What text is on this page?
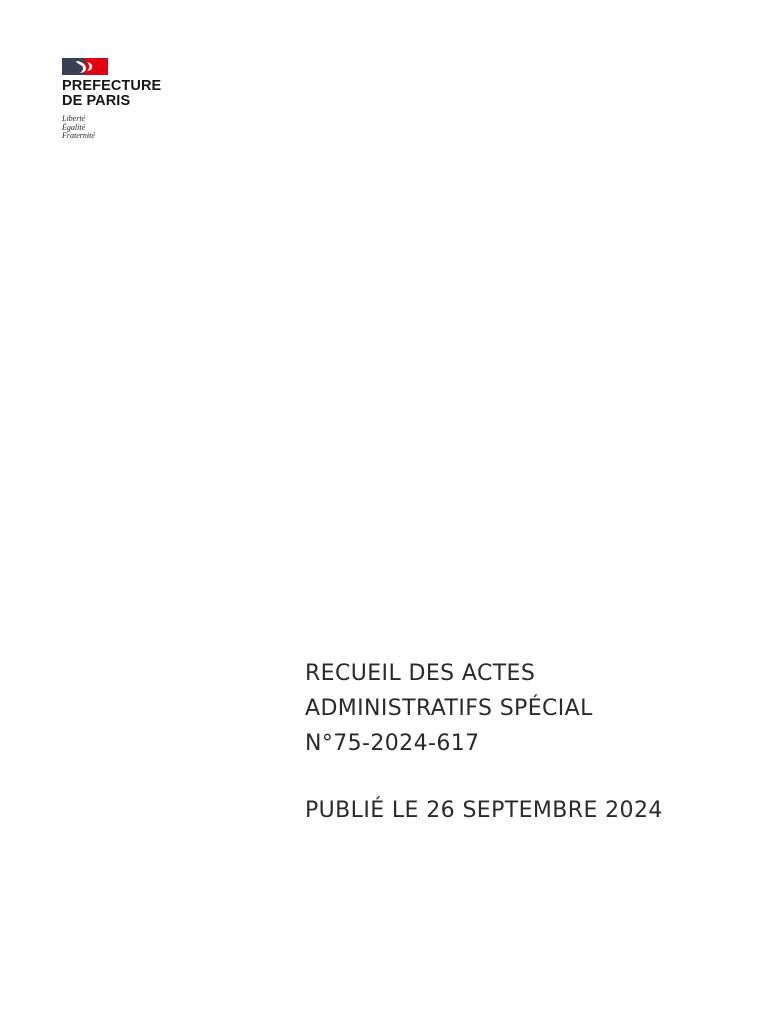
PREFECTURE
DE PARIS
Liberté
Égalité
Fraternité
RECUEIL DES ACTES
ADMINISTRATIFS SPÉCIAL
N°75-2024-617
PUBLIÉ LE 26 SEPTEMBRE 2024
